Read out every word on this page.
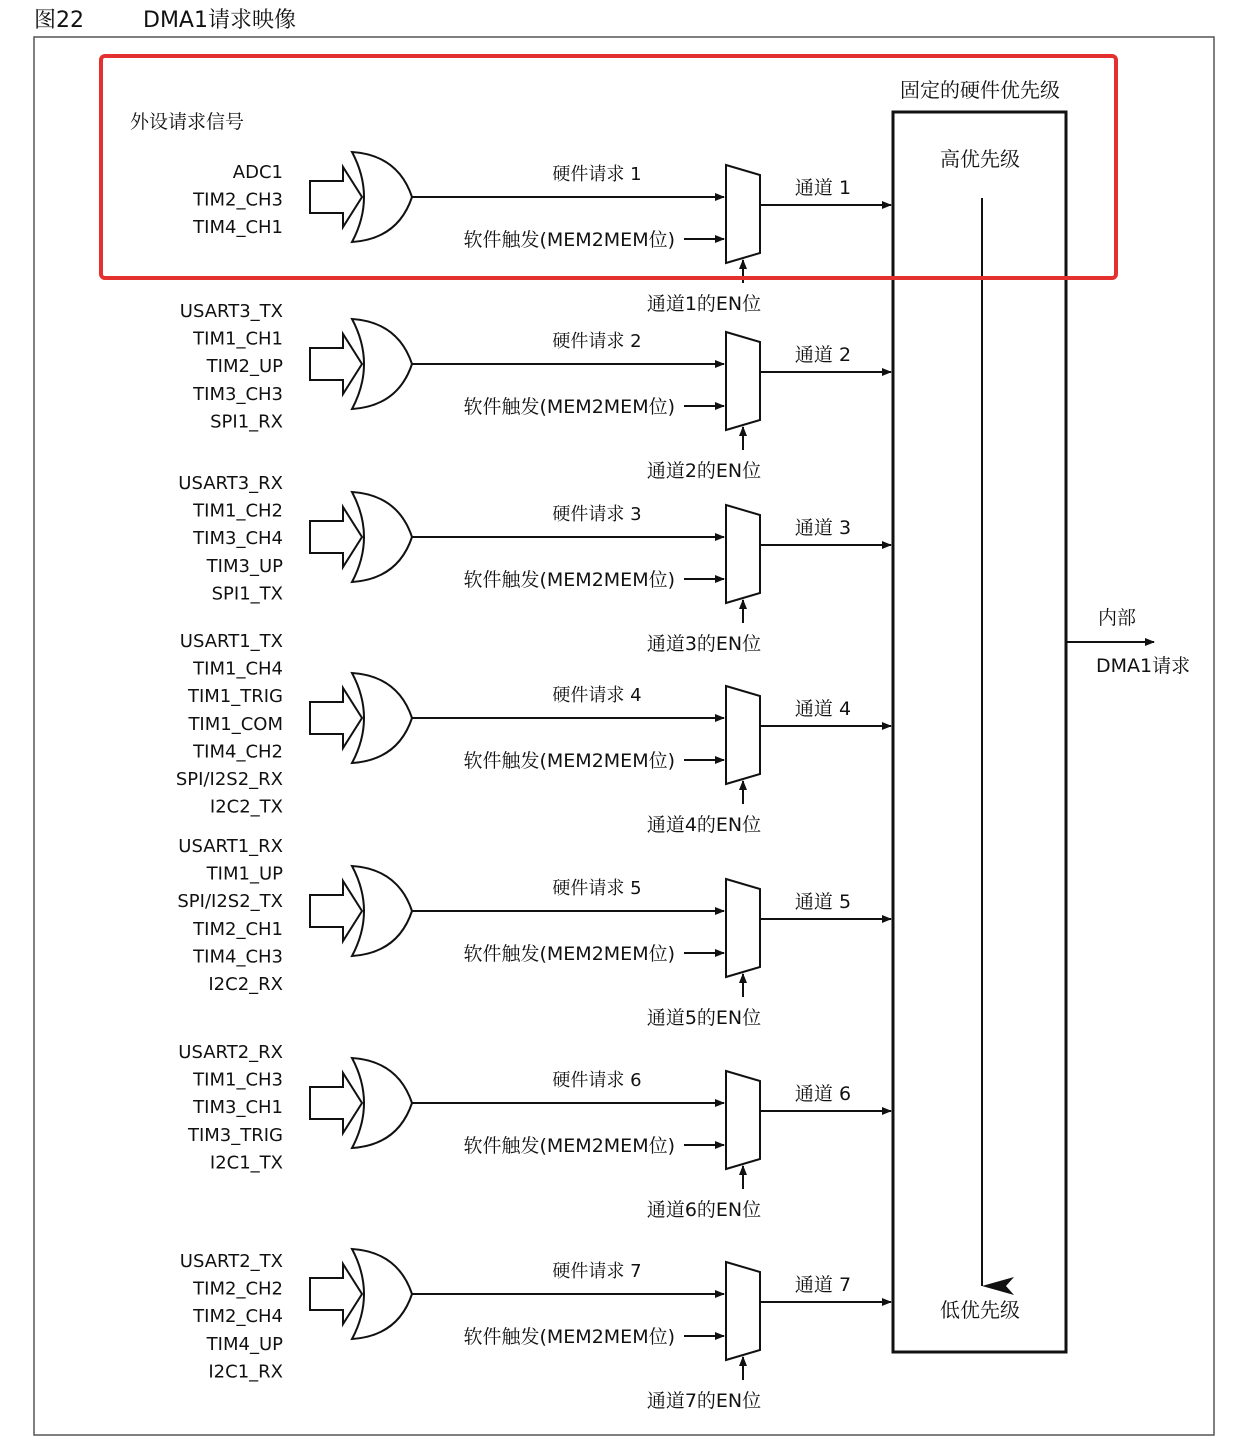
图22	DMA1请求映像
固定的硬件优先级
高优先级
低优先级
内部
DMA1请求
外设请求信号
ADC1
TIM2_CH3
TIM4_CH1
硬件请求 1
软件触发(MEM2MEM位)
通道1的EN位
通道 1
USART3_TX
TIM1_CH1
TIM2_UP
TIM3_CH3
SPI1_RX
硬件请求 2
软件触发(MEM2MEM位)
通道2的EN位
通道 2
USART3_RX
TIM1_CH2
TIM3_CH4
TIM3_UP
SPI1_TX
硬件请求 3
软件触发(MEM2MEM位)
通道3的EN位
通道 3
USART1_TX
TIM1_CH4
TIM1_TRIG
TIM1_COM
TIM4_CH2
SPI/I2S2_RX
I2C2_TX
硬件请求 4
软件触发(MEM2MEM位)
通道4的EN位
通道 4
USART1_RX
TIM1_UP
SPI/I2S2_TX
TIM2_CH1
TIM4_CH3
I2C2_RX
硬件请求 5
软件触发(MEM2MEM位)
通道5的EN位
通道 5
USART2_RX
TIM1_CH3
TIM3_CH1
TIM3_TRIG
I2C1_TX
硬件请求 6
软件触发(MEM2MEM位)
通道6的EN位
通道 6
USART2_TX
TIM2_CH2
TIM2_CH4
TIM4_UP
I2C1_RX
硬件请求 7
软件触发(MEM2MEM位)
通道7的EN位
通道 7
